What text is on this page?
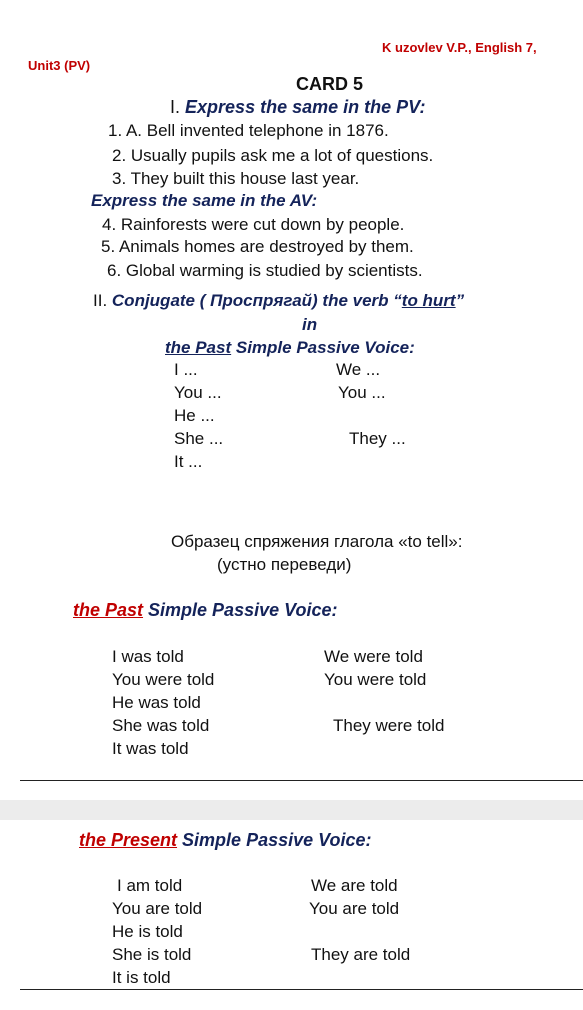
K uzovlev V.P., English 7,
Unit3 (PV)
CARD 5
I. Express the same in the PV:
1. A. Bell invented telephone in 1876.
2. Usually pupils ask me a lot of questions.
3. They built this house last year.
Express the same in the AV:
4. Rainforests were cut down by people.
5. Animals homes are destroyed by them.
6. Global warming is studied by scientists.
II. Conjugate ( Проспрягай) the verb “to hurt”
in
the Past Simple Passive Voice:
I ...
You ...
He ...
She ...
It ...
We ...
You ...
They ...
Образец спряжения глагола «to tell»:
(устно переведи)
the Past Simple Passive Voice:
I was told
You were told
He was told
She was told
It was told
We were told
You were told
They were told
the Present Simple Passive Voice:
I am told
You are told
He is told
She is told
It is told
We are told
You are told
They are told
